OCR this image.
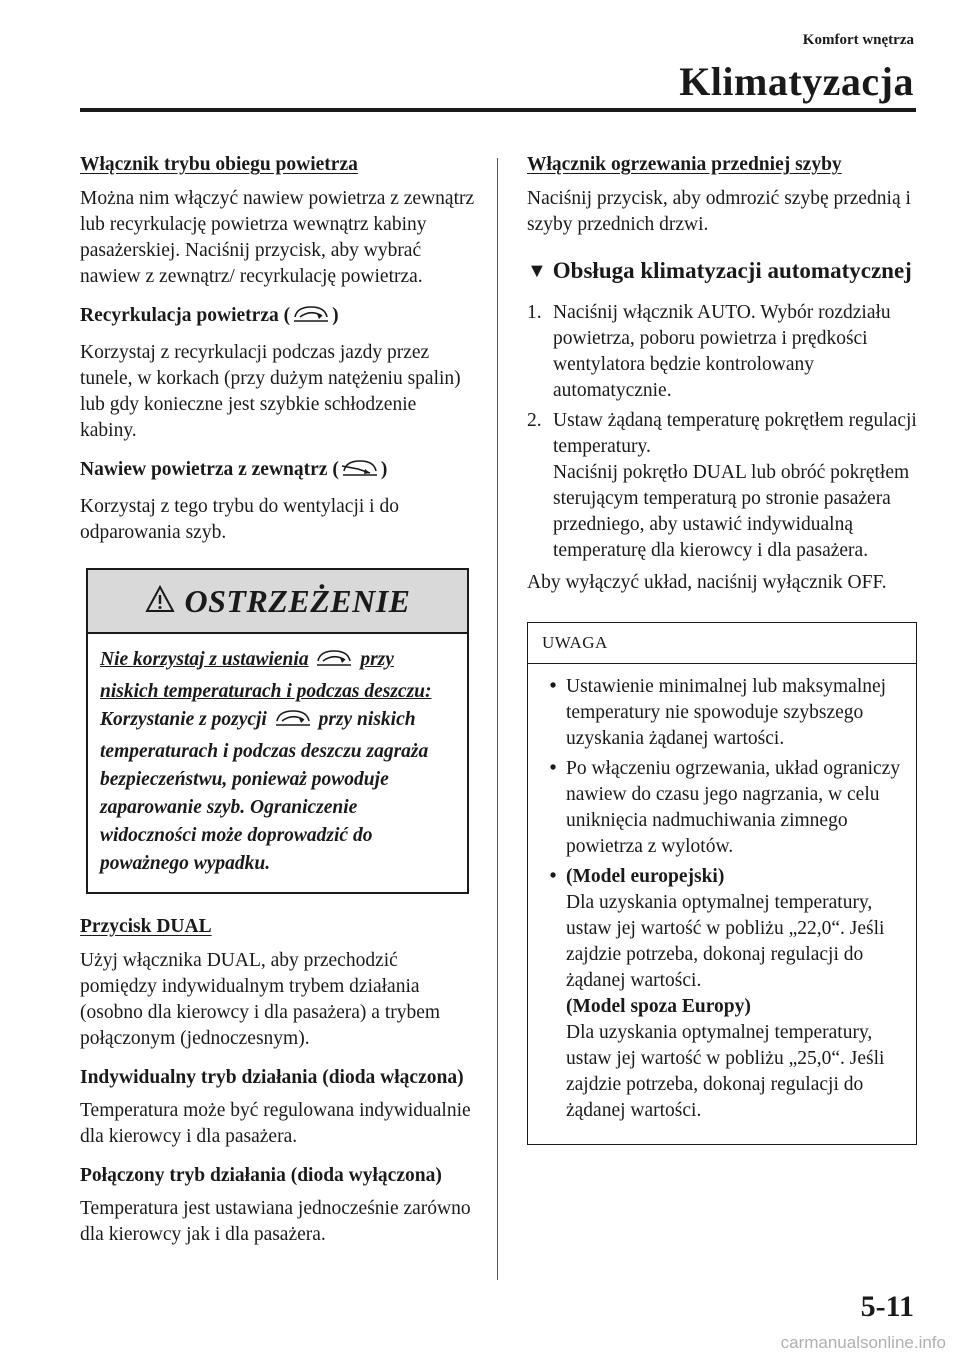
Komfort wnętrza
Klimatyzacja
Włącznik trybu obiegu powietrza

Można nim włączyć nawiew powietrza z zewnątrz lub recyrkulację powietrza wewnątrz kabiny pasażerskiej. Naciśnij przycisk, aby wybrać nawiew z zewnątrz/ recyrkulację powietrza.

Recyrkulacja powietrza ( )

Korzystaj z recyrkulacji podczas jazdy przez tunele, w korkach (przy dużym natężeniu spalin) lub gdy konieczne jest szybkie schłodzenie kabiny.

Nawiew powietrza z zewnątrz ( )

Korzystaj z tego trybu do wentylacji i do odparowania szyb.

OSTRZEŻENIE
Nie korzystaj z ustawienia	przy niskich temperaturach i podczas deszczu:
Korzystanie z pozycji	przy niskich temperaturach i podczas deszczu zagraża bezpieczeństwu, ponieważ powoduje zaparowanie szyb. Ograniczenie widoczności może doprowadzić do poważnego wypadku.
Przycisk DUAL

Użyj włącznika DUAL, aby przechodzić pomiędzy indywidualnym trybem działania (osobno dla kierowcy i dla pasażera) a trybem połączonym (jednoczesnym).

Indywidualny tryb działania (dioda włączona)

Temperatura może być regulowana indywidualnie dla kierowcy i dla pasażera.

Połączony tryb działania (dioda wyłączona)

Temperatura jest ustawiana jednocześnie zarówno dla kierowcy jak i dla pasażera.

Włącznik ogrzewania przedniej szyby

Naciśnij przycisk, aby odmrozić szybę przednią i szyby przednich drzwi.

▼ Obsługa klimatyzacji automatycznej
1. Naciśnij włącznik AUTO. Wybór rozdziału powietrza, poboru powietrza i prędkości wentylatora będzie kontrolowany automatycznie.
2. Ustaw żądaną temperaturę pokrętłem regulacji temperatury.
Naciśnij pokrętło DUAL lub obróć pokrętłem sterującym temperaturą po stronie pasażera przedniego, aby ustawić indywidualną temperaturę dla kierowcy i dla pasażera.

Aby wyłączyć układ, naciśnij wyłącznik OFF.

UWAGA
• Ustawienie minimalnej lub maksymalnej temperatury nie spowoduje szybszego uzyskania żądanej wartości.
• Po włączeniu ogrzewania, układ ograniczy nawiew do czasu jego nagrzania, w celu uniknięcia nadmuchiwania zimnego powietrza z wylotów.
• (Model europejski)
Dla uzyskania optymalnej temperatury, ustaw jej wartość w pobliżu „22,0“. Jeśli zajdzie potrzeba, dokonaj regulacji do żądanej wartości.
(Model spoza Europy)
Dla uzyskania optymalnej temperatury, ustaw jej wartość w pobliżu „25,0“. Jeśli zajdzie potrzeba, dokonaj regulacji do żądanej wartości.
5-11
carmanualsonline.info
